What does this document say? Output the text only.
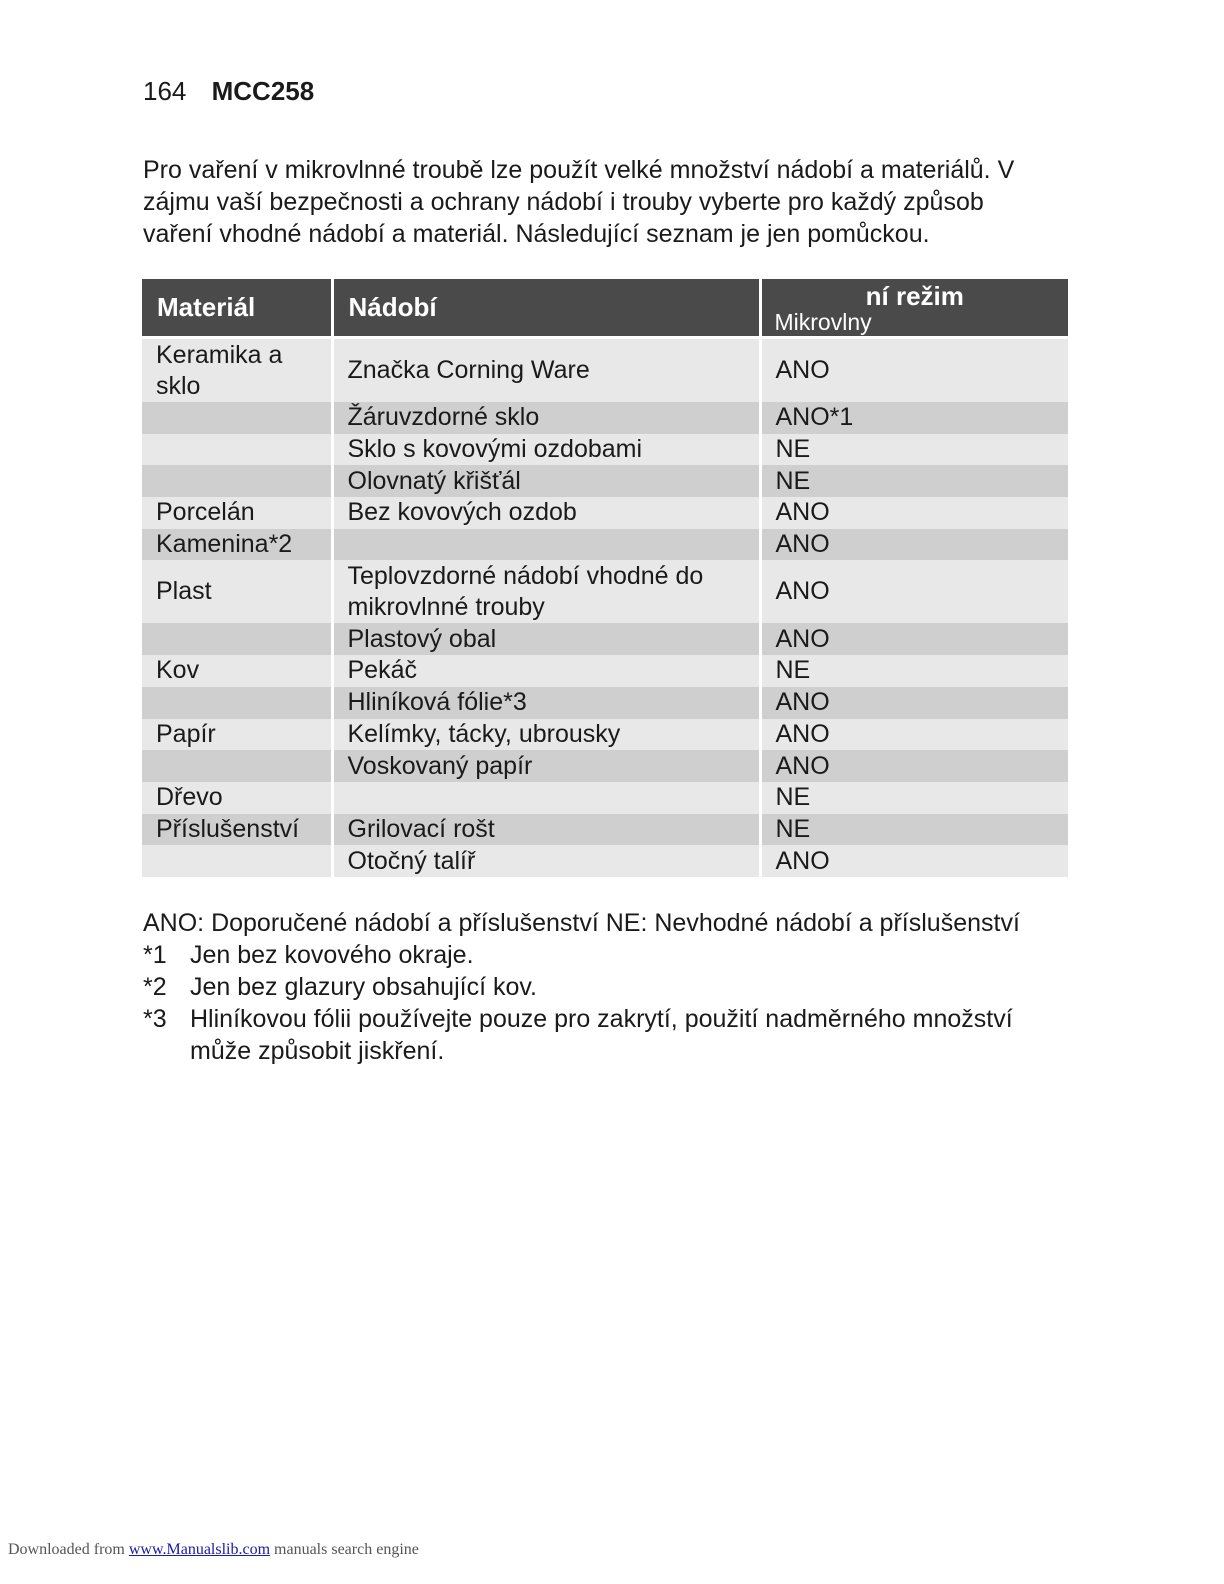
164 MCC258

Pro vaření v mikrovlnné troubě lze použít velké množství nádobí a materiálů. V

zájmu vaší bezpečnosti a ochrany nádobí i trouby vyberte pro každý způsob

vaření vhodné nádobí a materiál. Následující seznam je jen pomůckou.

Materiál	Nádobí	ní režim
Mikrovlny

Keramika a sklo	Značka Corning Ware	ANO
	Žáruvzdorné sklo	ANO*1
	Sklo s kovovými ozdobami	NE
	Olovnatý křišťál	NE
Porcelán	Bez kovových ozdob	ANO
Kamenina*2		ANO
Plast	Teplovzdorné nádobí vhodné do mikrovlnné trouby	ANO
	Plastový obal	ANO
Kov	Pekáč	NE
	Hliníková fólie*3	ANO
Papír	Kelímky, tácky, ubrousky	ANO
	Voskovaný papír	ANO
Dřevo		NE
Příslušenství	Grilovací rošt	NE
	Otočný talíř	ANO
ANO: Doporučené nádobí a příslušenství NE: Nevhodné nádobí a příslušenství
*1 Jen bez kovového okraje.
*2 Jen bez glazury obsahující kov.
*3 Hliníkovou fólii používejte pouze pro zakrytí, použití nadměrného množství může způsobit jiskření.
Downloaded from www.Manualslib.com manuals search engine
